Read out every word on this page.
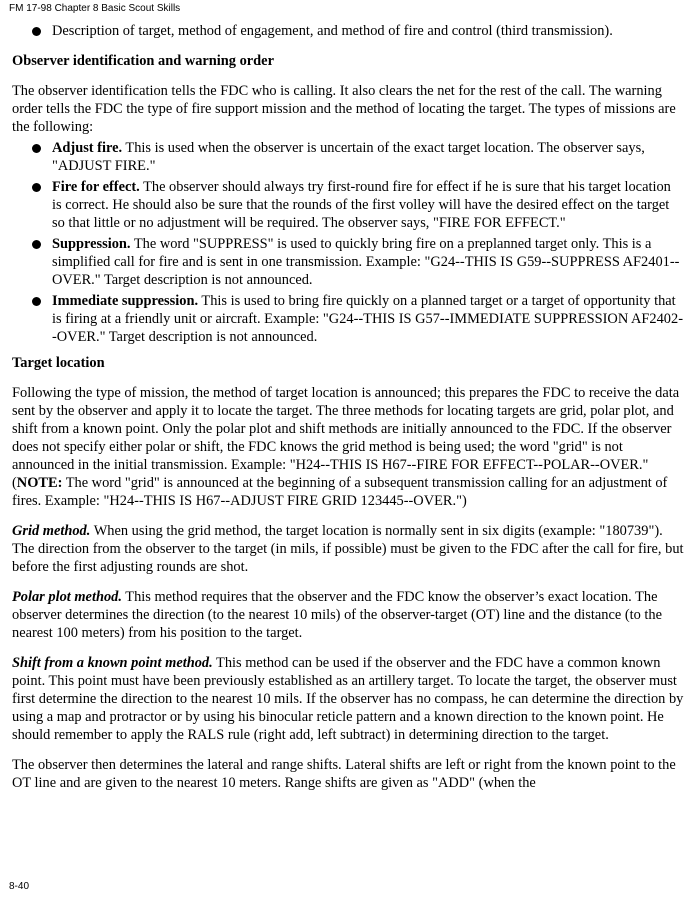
FM 17-98 Chapter 8 Basic Scout Skills
Description of target, method of engagement, and method of fire and control (third transmission).

Observer identification and warning order

The observer identification tells the FDC who is calling. It also clears the net for the rest of the call. The warning order tells the FDC the type of fire support mission and the method of locating the target. The types of missions are the following:

Adjust fire. This is used when the observer is uncertain of the exact target location. The observer says, "ADJUST FIRE."
Fire for effect. The observer should always try first-round fire for effect if he is sure that his target location is correct. He should also be sure that the rounds of the first volley will have the desired effect on the target so that little or no adjustment will be required. The observer says, "FIRE FOR EFFECT."
Suppression. The word "SUPPRESS" is used to quickly bring fire on a preplanned target only. This is a simplified call for fire and is sent in one transmission. Example: "G24--THIS IS G59--SUPPRESS AF2401--OVER." Target description is not announced.
Immediate suppression. This is used to bring fire quickly on a planned target or a target of opportunity that is firing at a friendly unit or aircraft. Example: "G24--THIS IS G57--IMMEDIATE SUPPRESSION AF2402--OVER." Target description is not announced.

Target location

Following the type of mission, the method of target location is announced; this prepares the FDC to receive the data sent by the observer and apply it to locate the target. The three methods for locating targets are grid, polar plot, and shift from a known point. Only the polar plot and shift methods are initially announced to the FDC. If the observer does not specify either polar or shift, the FDC knows the grid method is being used; the word "grid" is not announced in the initial transmission. Example: "H24--THIS IS H67--FIRE FOR EFFECT--POLAR--OVER." (NOTE: The word "grid" is announced at the beginning of a subsequent transmission calling for an adjustment of fires. Example: "H24--THIS IS H67--ADJUST FIRE GRID 123445--OVER.")

Grid method. When using the grid method, the target location is normally sent in six digits (example: "180739"). The direction from the observer to the target (in mils, if possible) must be given to the FDC after the call for fire, but before the first adjusting rounds are shot.

Polar plot method. This method requires that the observer and the FDC know the observer’s exact location. The observer determines the direction (to the nearest 10 mils) of the observer-target (OT) line and the distance (to the nearest 100 meters) from his position to the target.

Shift from a known point method. This method can be used if the observer and the FDC have a common known point. This point must have been previously established as an artillery target. To locate the target, the observer must first determine the direction to the nearest 10 mils. If the observer has no compass, he can determine the direction by using a map and protractor or by using his binocular reticle pattern and a known direction to the known point. He should remember to apply the RALS rule (right add, left subtract) in determining direction to the target.

The observer then determines the lateral and range shifts. Lateral shifts are left or right from the known point to the OT line and are given to the nearest 10 meters. Range shifts are given as "ADD" (when the

8-40
